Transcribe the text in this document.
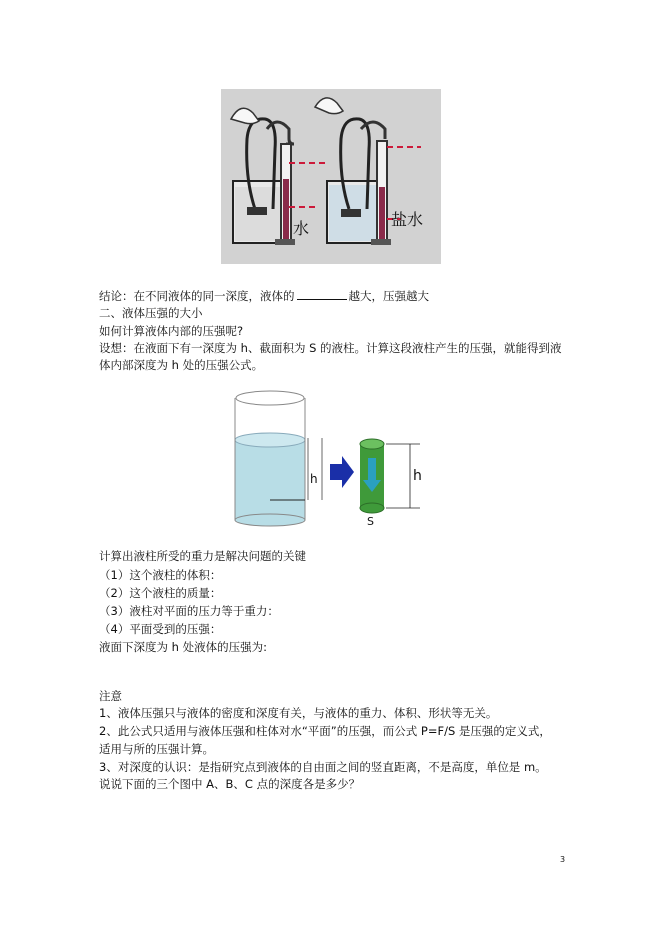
水	盐水
结论：在不同液体的同一深度，液体的	越大，压强越大
二、液体压强的大小
如何计算液体内部的压强呢?
设想：在液面下有一深度为 h、截面积为 S 的液柱。计算这段液柱产生的压强，就能得到液
体内部深度为 h 处的压强公式。
h	h
S
计算出液柱所受的重力是解决问题的关键
（1）这个液柱的体积：
（2）这个液柱的质量：
（3）液柱对平面的压力等于重力：
（4）平面受到的压强：
液面下深度为 h 处液体的压强为:
注意
1、液体压强只与液体的密度和深度有关，与液体的重力、体积、形状等无关。
2、此公式只适用与液体压强和柱体对水“平面”的压强，而公式 P=F/S 是压强的定义式，
适用与所的压强计算。
3、对深度的认识：是指研究点到液体的自由面之间的竖直距离，不是高度，单位是 m。
说说下面的三个图中 A、B、C 点的深度各是多少？
3
